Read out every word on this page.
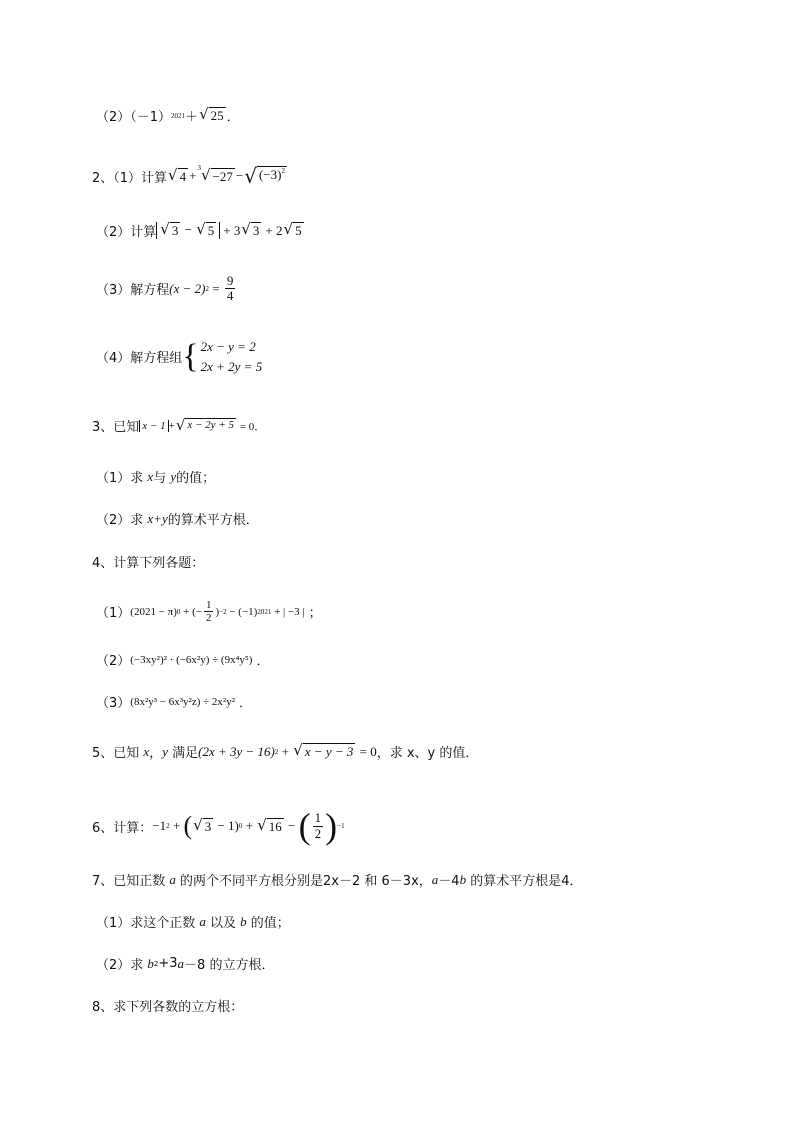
（2）（－1） 2021 ＋ √ 25 ．
2、（1）计算 √ 4 +
3 √ −27 − √ $(-3)^2$
（2）计算 √ 3 − √ 5 + 3 √ 3 + 2 √ 5
（3）解方程 (x − 2) $2 = \frac{9}{4}$
（4）解方程组 { 2x − y = 2
2x + 2y = 5
3、已知 x − 1 + √ x − 2y + 5 = 0．
（1）求 x 与 y 的值；
（2）求 x+y 的算术平方根．
4、计算下列各题：
（1） (2021 − π) 0 + (− $\frac{1}{2}$ ) −2 − (−1) 2021 + | −3 | ；
（2） (−3xy²)² · (−6x²y) ÷ (9x⁴y⁵) ．
（3） (8x²y³ − 6x³y²z) ÷ 2x²y² ．
5、已知 x ， y 满足 (2x + 3y − 16) 2 + √ x − y − 3 = 0 ，求 x、y 的值．
6、计算： −1 2 + ( √ 3 − 1) 0 + √ 16 − ( $\frac{1}{2}$ ) −1
7、已知正数 a 的两个不同平方根分别是2x－2 和 6－3x， a －4 b 的算术平方根是4．
（1）求这个正数 a 以及 b 的值；
（2）求 b 2 +3 a －8 的立方根．
8、求下列各数的立方根：
